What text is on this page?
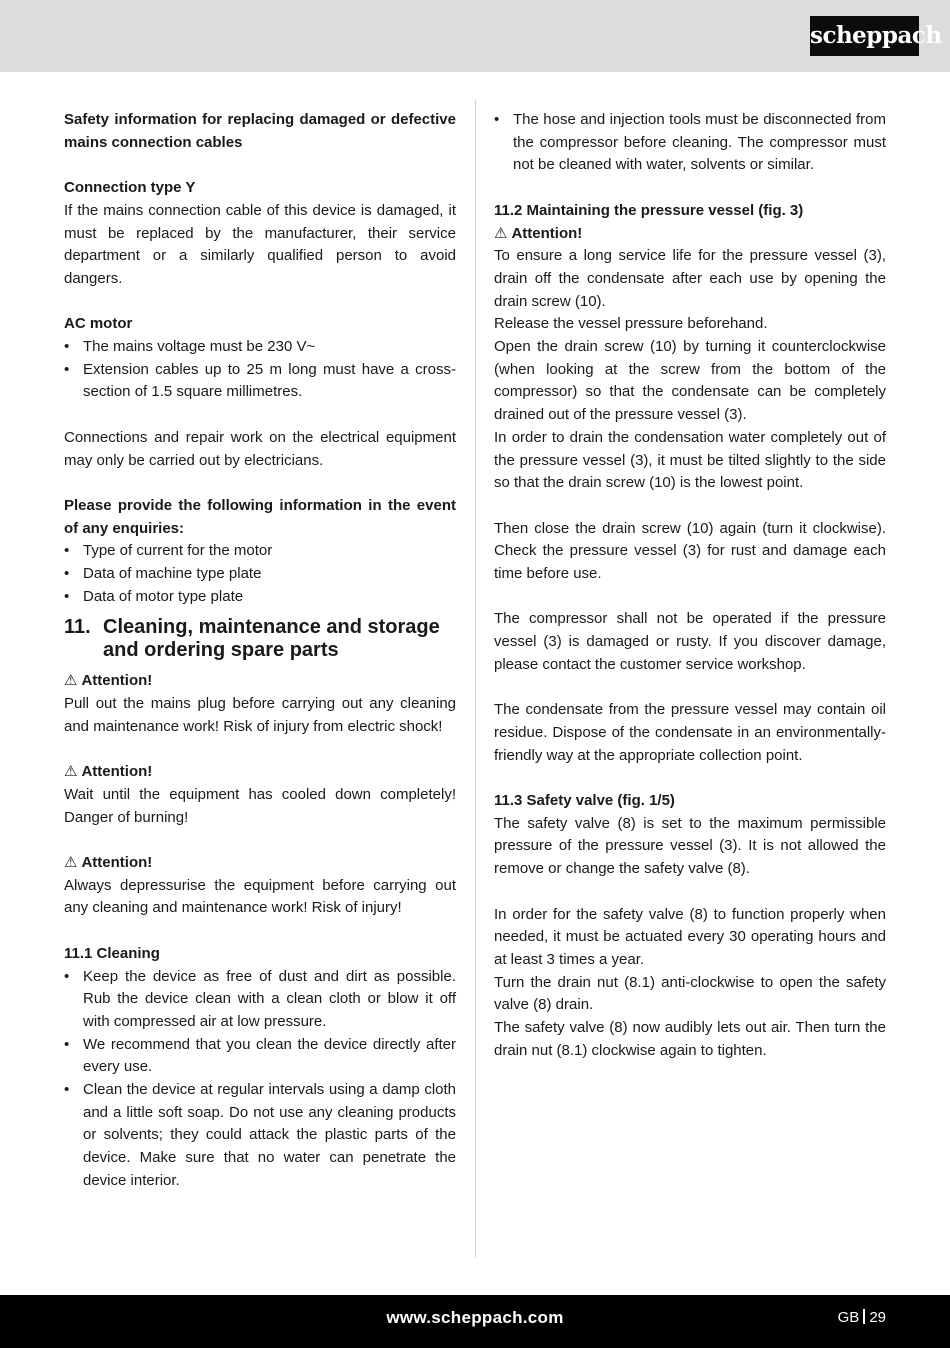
scheppach

Safety information for replacing damaged or defective mains connection cables

Connection type Y

If the mains connection cable of this device is damaged, it must be replaced by the manufacturer, their service department or a similarly qualified person to avoid dangers.

AC motor

• The mains voltage must be 230 V~
• Extension cables up to 25 m long must have a cross-section of 1.5 square millimetres.

Connections and repair work on the electrical equipment may only be carried out by electricians.

Please provide the following information in the event of any enquiries:

• Type of current for the motor
• Data of machine type plate
• Data of motor type plate
11. Cleaning, maintenance and storage and ordering spare parts

⚠ Attention!

Pull out the mains plug before carrying out any cleaning and maintenance work! Risk of injury from electric shock!

⚠ Attention!

Wait until the equipment has cooled down completely! Danger of burning!

⚠ Attention!

Always depressurise the equipment before carrying out any cleaning and maintenance work! Risk of injury!

11.1 Cleaning

• Keep the device as free of dust and dirt as possible. Rub the device clean with a clean cloth or blow it off with compressed air at low pressure.
• We recommend that you clean the device directly after every use.
• Clean the device at regular intervals using a damp cloth and a little soft soap. Do not use any cleaning products or solvents; they could attack the plastic parts of the device. Make sure that no water can penetrate the device interior.
• The hose and injection tools must be disconnected from the compressor before cleaning. The compressor must not be cleaned with water, solvents or similar.

11.2 Maintaining the pressure vessel (fig. 3)

⚠ Attention!

To ensure a long service life for the pressure vessel (3), drain off the condensate after each use by opening the drain screw (10).

Release the vessel pressure beforehand.

Open the drain screw (10) by turning it counterclockwise (when looking at the screw from the bottom of the compressor) so that the condensate can be completely drained out of the pressure vessel (3).

In order to drain the condensation water completely out of the pressure vessel (3), it must be tilted slightly to the side so that the drain screw (10) is the lowest point.

Then close the drain screw (10) again (turn it clockwise). Check the pressure vessel (3) for rust and damage each time before use.

The compressor shall not be operated if the pressure vessel (3) is damaged or rusty. If you discover damage, please contact the customer service workshop.

The condensate from the pressure vessel may contain oil residue. Dispose of the condensate in an environmentally-friendly way at the appropriate collection point.

11.3 Safety valve (fig. 1/5)

The safety valve (8) is set to the maximum permissible pressure of the pressure vessel (3). It is not allowed the remove or change the safety valve (8).

In order for the safety valve (8) to function properly when needed, it must be actuated every 30 operating hours and at least 3 times a year.

Turn the drain nut (8.1) anti-clockwise to open the safety valve (8) drain.

The safety valve (8) now audibly lets out air. Then turn the drain nut (8.1) clockwise again to tighten.

www.scheppach.com	GB 29
